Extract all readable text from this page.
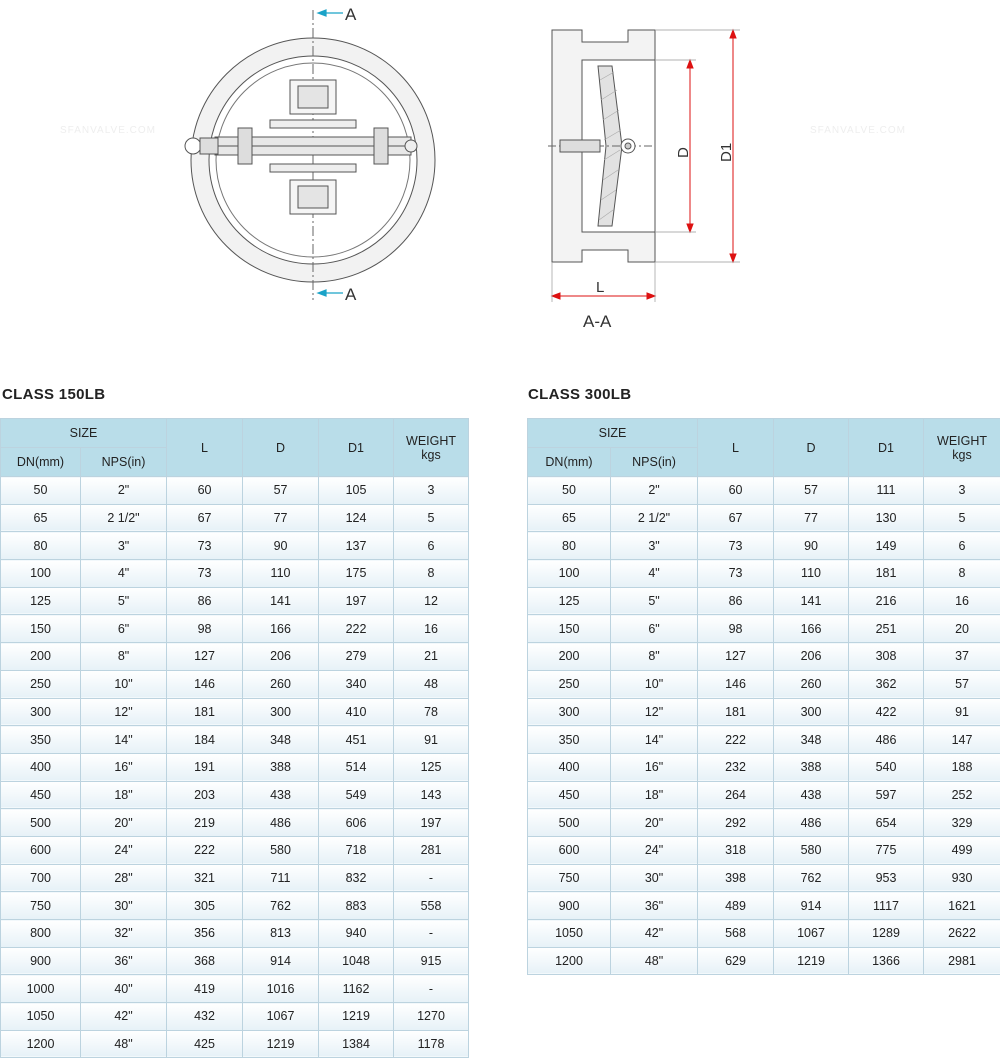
A
A	L
D D1
A-A
SFANVALVE.COM	SFANVALVE.COM
CLASS 150LB
SIZE		L	D	D1	WEIGHT
kgs

DN(mm)	NPS(in)				
50	2"	60	57	105	3
65	2 1/2"	67	77	124	5
80	3"	73	90	137	6
100	4"	73	110	175	8
125	5"	86	141	197	12
150	6"	98	166	222	16
200	8"	127	206	279	21
250	10"	146	260	340	48
300	12"	181	300	410	78
350	14"	184	348	451	91
400	16"	191	388	514	125
450	18"	203	438	549	143
500	20"	219	486	606	197
600	24"	222	580	718	281
700	28"	321	711	832	-
750	30"	305	762	883	558
800	32"	356	813	940	-
900	36"	368	914	1048	915
1000	40"	419	1016	1162	-
1050	42"	432	1067	1219	1270
1200	48"	425	1219	1384	1178
CLASS 300LB
SIZE		L	D	D1	WEIGHT
kgs

DN(mm)	NPS(in)				
50	2"	60	57	111	3
65	2 1/2"	67	77	130	5
80	3"	73	90	149	6
100	4"	73	110	181	8
125	5"	86	141	216	16
150	6"	98	166	251	20
200	8"	127	206	308	37
250	10"	146	260	362	57
300	12"	181	300	422	91
350	14"	222	348	486	147
400	16"	232	388	540	188
450	18"	264	438	597	252
500	20"	292	486	654	329
600	24"	318	580	775	499
750	30"	398	762	953	930
900	36"	489	914	1117	1621
1050	42"	568	1067	1289	2622
1200	48"	629	1219	1366	2981
